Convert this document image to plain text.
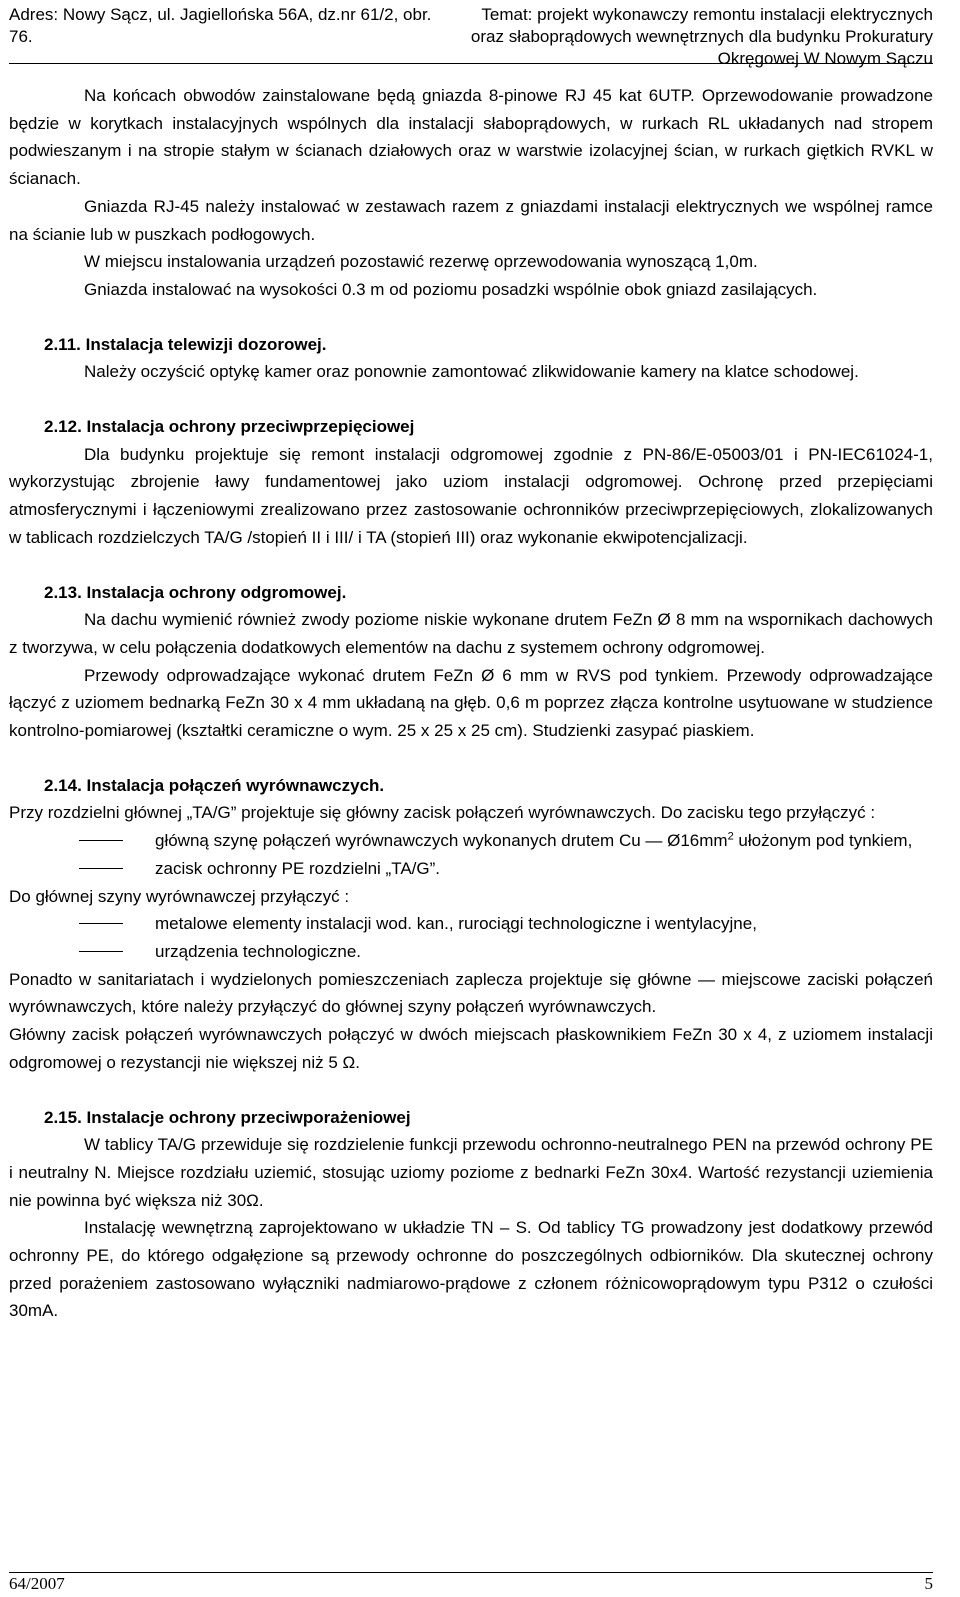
Adres: Nowy Sącz, ul. Jagiellońska 56A, dz.nr 61/2, obr. 76.
Temat: projekt wykonawczy remontu instalacji elektrycznych oraz słaboprądowych wewnętrznych dla budynku Prokuratury Okręgowej W Nowym Sączu

Na końcach obwodów zainstalowane będą gniazda 8-pinowe RJ 45 kat 6UTP. Oprzewodowanie prowadzone będzie w korytkach instalacyjnych wspólnych dla instalacji słaboprądowych, w rurkach RL układanych nad stropem podwieszanym i na stropie stałym w ścianach działowych oraz w warstwie izolacyjnej ścian, w rurkach giętkich RVKL w ścianach.

Gniazda RJ-45 należy instalować w zestawach razem z gniazdami instalacji elektrycznych we wspólnej ramce na ścianie lub w puszkach podłogowych.

W miejscu instalowania urządzeń pozostawić rezerwę oprzewodowania wynoszącą 1,0m.

Gniazda instalować na wysokości 0.3 m od poziomu posadzki wspólnie obok gniazd zasilających.

2.11. Instalacja telewizji dozorowej.

Należy oczyścić optykę kamer oraz ponownie zamontować zlikwidowanie kamery na klatce schodowej.

2.12. Instalacja ochrony przeciwprzepięciowej

Dla budynku projektuje się remont instalacji odgromowej zgodnie z PN-86/E-05003/01 i PN-IEC61024-1, wykorzystując zbrojenie ławy fundamentowej jako uziom instalacji odgromowej. Ochronę przed przepięciami atmosferycznymi i łączeniowymi zrealizowano przez zastosowanie ochronników przeciwprzepięciowych, zlokalizowanych w tablicach rozdzielczych TA/G /stopień II i III/ i TA (stopień III) oraz wykonanie ekwipotencjalizacji.

2.13. Instalacja ochrony odgromowej.

Na dachu wymienić również zwody poziome niskie wykonane drutem FeZn Ø 8 mm na wspornikach dachowych z tworzywa, w celu połączenia dodatkowych elementów na dachu z systemem ochrony odgromowej.

Przewody odprowadzające wykonać drutem FeZn Ø 6 mm w RVS pod tynkiem. Przewody odprowadzające łączyć z uziomem bednarką FeZn 30 x 4 mm układaną na głęb. 0,6 m poprzez złącza kontrolne usytuowane w studzience kontrolno-pomiarowej (kształtki ceramiczne o wym. 25 x 25 x 25 cm). Studzienki zasypać piaskiem.

2.14. Instalacja połączeń wyrównawczych.

Przy rozdzielni głównej „TA/G” projektuje się główny zacisk połączeń wyrównawczych. Do zacisku tego przyłączyć :

główną szynę połączeń wyrównawczych wykonanych drutem Cu — $Ø16mm^2$ ułożonym pod tynkiem,

zacisk ochronny PE rozdzielni „TA/G”.

Do głównej szyny wyrównawczej przyłączyć :

metalowe elementy instalacji wod. kan., rurociągi technologiczne i wentylacyjne,

urządzenia technologiczne.

Ponadto w sanitariatach i wydzielonych pomieszczeniach zaplecza projektuje się główne — miejscowe zaciski połączeń wyrównawczych, które należy przyłączyć do głównej szyny połączeń wyrównawczych.

Główny zacisk połączeń wyrównawczych połączyć w dwóch miejscach płaskownikiem FeZn 30 x 4, z uziomem instalacji odgromowej o rezystancji nie większej niż 5 Ω.

2.15. Instalacje ochrony przeciwporażeniowej

W tablicy TA/G przewiduje się rozdzielenie funkcji przewodu ochronno-neutralnego PEN na przewód ochrony PE i neutralny N. Miejsce rozdziału uziemić, stosując uziomy poziome z bednarki FeZn 30x4. Wartość rezystancji uziemienia nie powinna być większa niż 30Ω.

Instalację wewnętrzną zaprojektowano w układzie TN – S. Od tablicy TG prowadzony jest dodatkowy przewód ochronny PE, do którego odgałęzione są przewody ochronne do poszczególnych odbiorników. Dla skutecznej ochrony przed porażeniem zastosowano wyłączniki nadmiarowo-prądowe z członem różnicowoprądowym typu P312 o czułości 30mA.

64/2007	5
